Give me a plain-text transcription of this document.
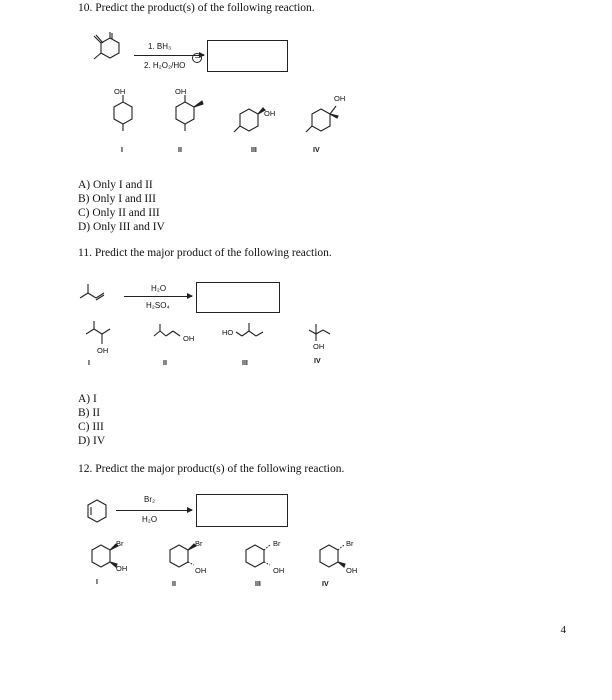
10. Predict the product(s) of the following reaction.
1. BH₃
2. H₂O₂/HO
−
OH
I
OH
II
OH
III
OH
IV
A) Only I and II
B) Only I and III
C) Only II and III
D) Only III and IV
11. Predict the major product of the following reaction.
H₂O
H₂SO₄
OH
I
OH
II
HO
III
OH
IV
A) I
B) II
C) III
D) IV
12. Predict the major product(s) of the following reaction.
Br₂
H₂O
Br
OH
I
Br
OH
II
Br
OH
III
Br
OH
IV
4
